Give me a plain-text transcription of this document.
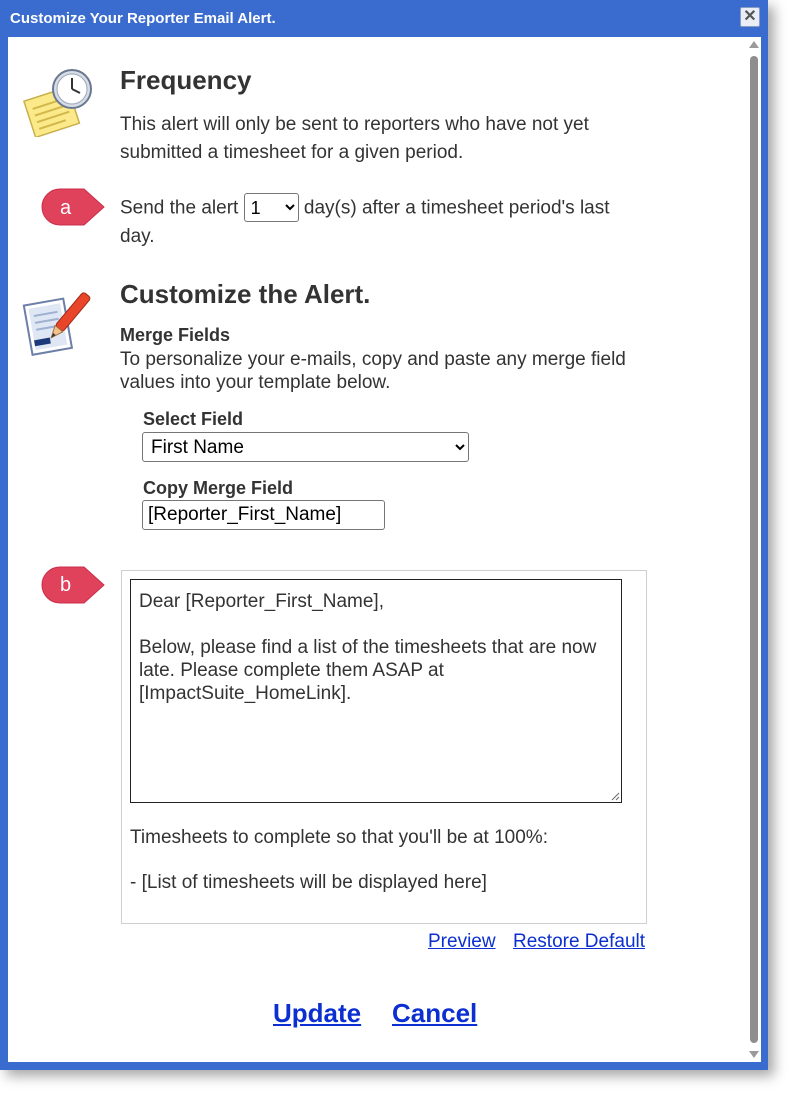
Customize Your Reporter Email Alert.	✕
Frequency
This alert will only be sent to reporters who have not yet submitted a timesheet for a given period.
a	Send the alert
1	day(s) after a timesheet period's last day.
Customize the Alert.
Merge Fields
To personalize your e-mails, copy and paste any merge field values into your template below.
Select Field
First Name
Copy Merge Field
[Reporter_First_Name]
b

Dear [Reporter_First_Name],

Below, please find a list of the timesheets that are now late. Please complete them ASAP at [ImpactSuite_HomeLink].

Timesheets to complete so that you'll be at 100%:
- [List of timesheets will be displayed here]
Preview Restore Default
Update Cancel
